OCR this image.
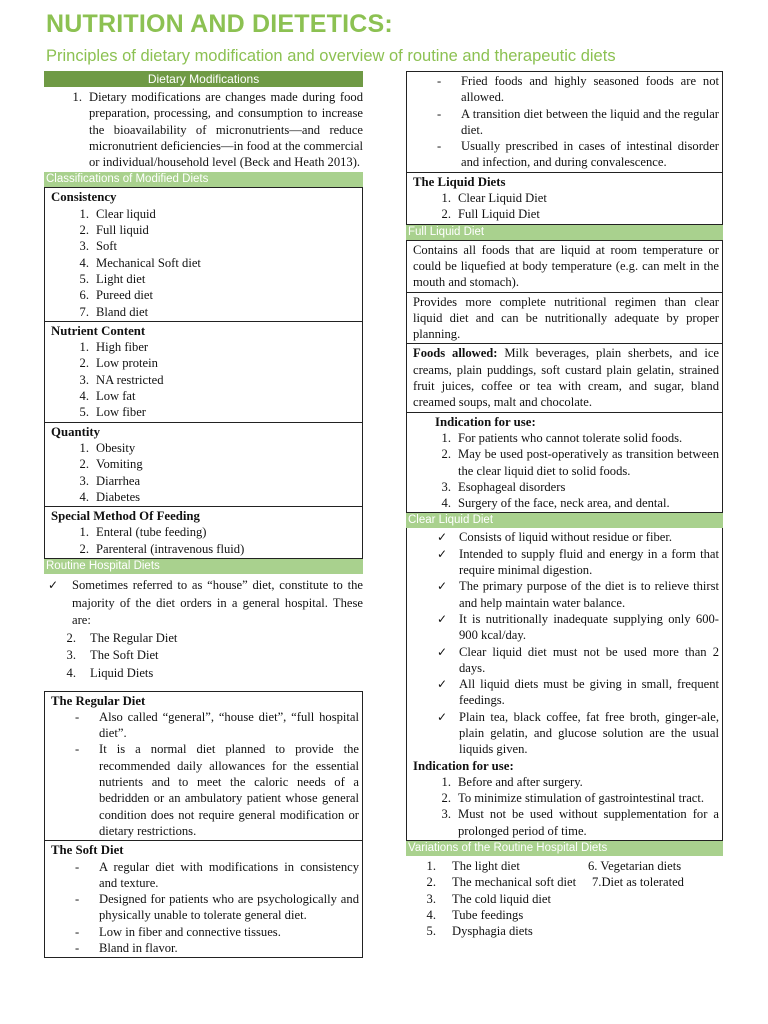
NUTRITION AND DIETETICS:
Principles of dietary modification and overview of routine and therapeutic diets
Dietary Modifications
1. Dietary modifications are changes made during food preparation, processing, and consumption to increase the bioavailability of micronutrients—and reduce micronutrient deficiencies—in food at the commercial or individual/household level (Beck and Heath 2013).
Classifications of Modified Diets
Consistency
1. Clear liquid
2. Full liquid
3. Soft
4. Mechanical Soft diet
5. Light diet
6. Pureed diet
7. Bland diet
Nutrient Content
1. High fiber
2. Low protein
3. NA restricted
4. Low fat
5. Low fiber
Quantity
1. Obesity
2. Vomiting
3. Diarrhea
4. Diabetes
Special Method Of Feeding
1. Enteral (tube feeding)
2. Parenteral (intravenous fluid)
Routine Hospital Diets
✓ Sometimes referred to as “house” diet, constitute to the majority of the diet orders in a general hospital. These are:
2. The Regular Diet
3. The Soft Diet
4. Liquid Diets
The Regular Diet
- Also called “general”, “house diet”, “full hospital diet”.
- It is a normal diet planned to provide the recommended daily allowances for the essential nutrients and to meet the caloric needs of a bedridden or an ambulatory patient whose general condition does not require general modification or dietary restrictions.
The Soft Diet
- A regular diet with modifications in consistency and texture.
- Designed for patients who are psychologically and physically unable to tolerate general diet.
- Low in fiber and connective tissues.
- Bland in flavor.
- Fried foods and highly seasoned foods are not allowed.
- A transition diet between the liquid and the regular diet.
- Usually prescribed in cases of intestinal disorder and infection, and during convalescence.
The Liquid Diets
1. Clear Liquid Diet
2. Full Liquid Diet
Full Liquid Diet
Contains all foods that are liquid at room temperature or could be liquefied at body temperature (e.g. can melt in the mouth and stomach).
Provides more complete nutritional regimen than clear liquid diet and can be nutritionally adequate by proper planning.
Foods allowed: Milk beverages, plain sherbets, and ice creams, plain puddings, soft custard plain gelatin, strained fruit juices, coffee or tea with cream, and sugar, bland creamed soups, malt and chocolate.
Indication for use:
1. For patients who cannot tolerate solid foods.
2. May be used post-operatively as transition between the clear liquid diet to solid foods.
3. Esophageal disorders
4. Surgery of the face, neck area, and dental.
Clear Liquid Diet
✓ Consists of liquid without residue or fiber.
✓ Intended to supply fluid and energy in a form that require minimal digestion.
✓ The primary purpose of the diet is to relieve thirst and help maintain water balance.
✓ It is nutritionally inadequate supplying only 600-900 kcal/day.
✓ Clear liquid diet must not be used more than 2 days.
✓ All liquid diets must be giving in small, frequent feedings.
✓ Plain tea, black coffee, fat free broth, ginger-ale, plain gelatin, and glucose solution are the usual liquids given.
Indication for use:
1. Before and after surgery.
2. To minimize stimulation of gastrointestinal tract.
3. Must not be used without supplementation for a prolonged period of time.
Variations of the Routine Hospital Diets
1. The light diet	6. Vegetarian diets
2. The mechanical soft diet 7.Diet as tolerated
3. The cold liquid diet
4. Tube feedings
5. Dysphagia diets
